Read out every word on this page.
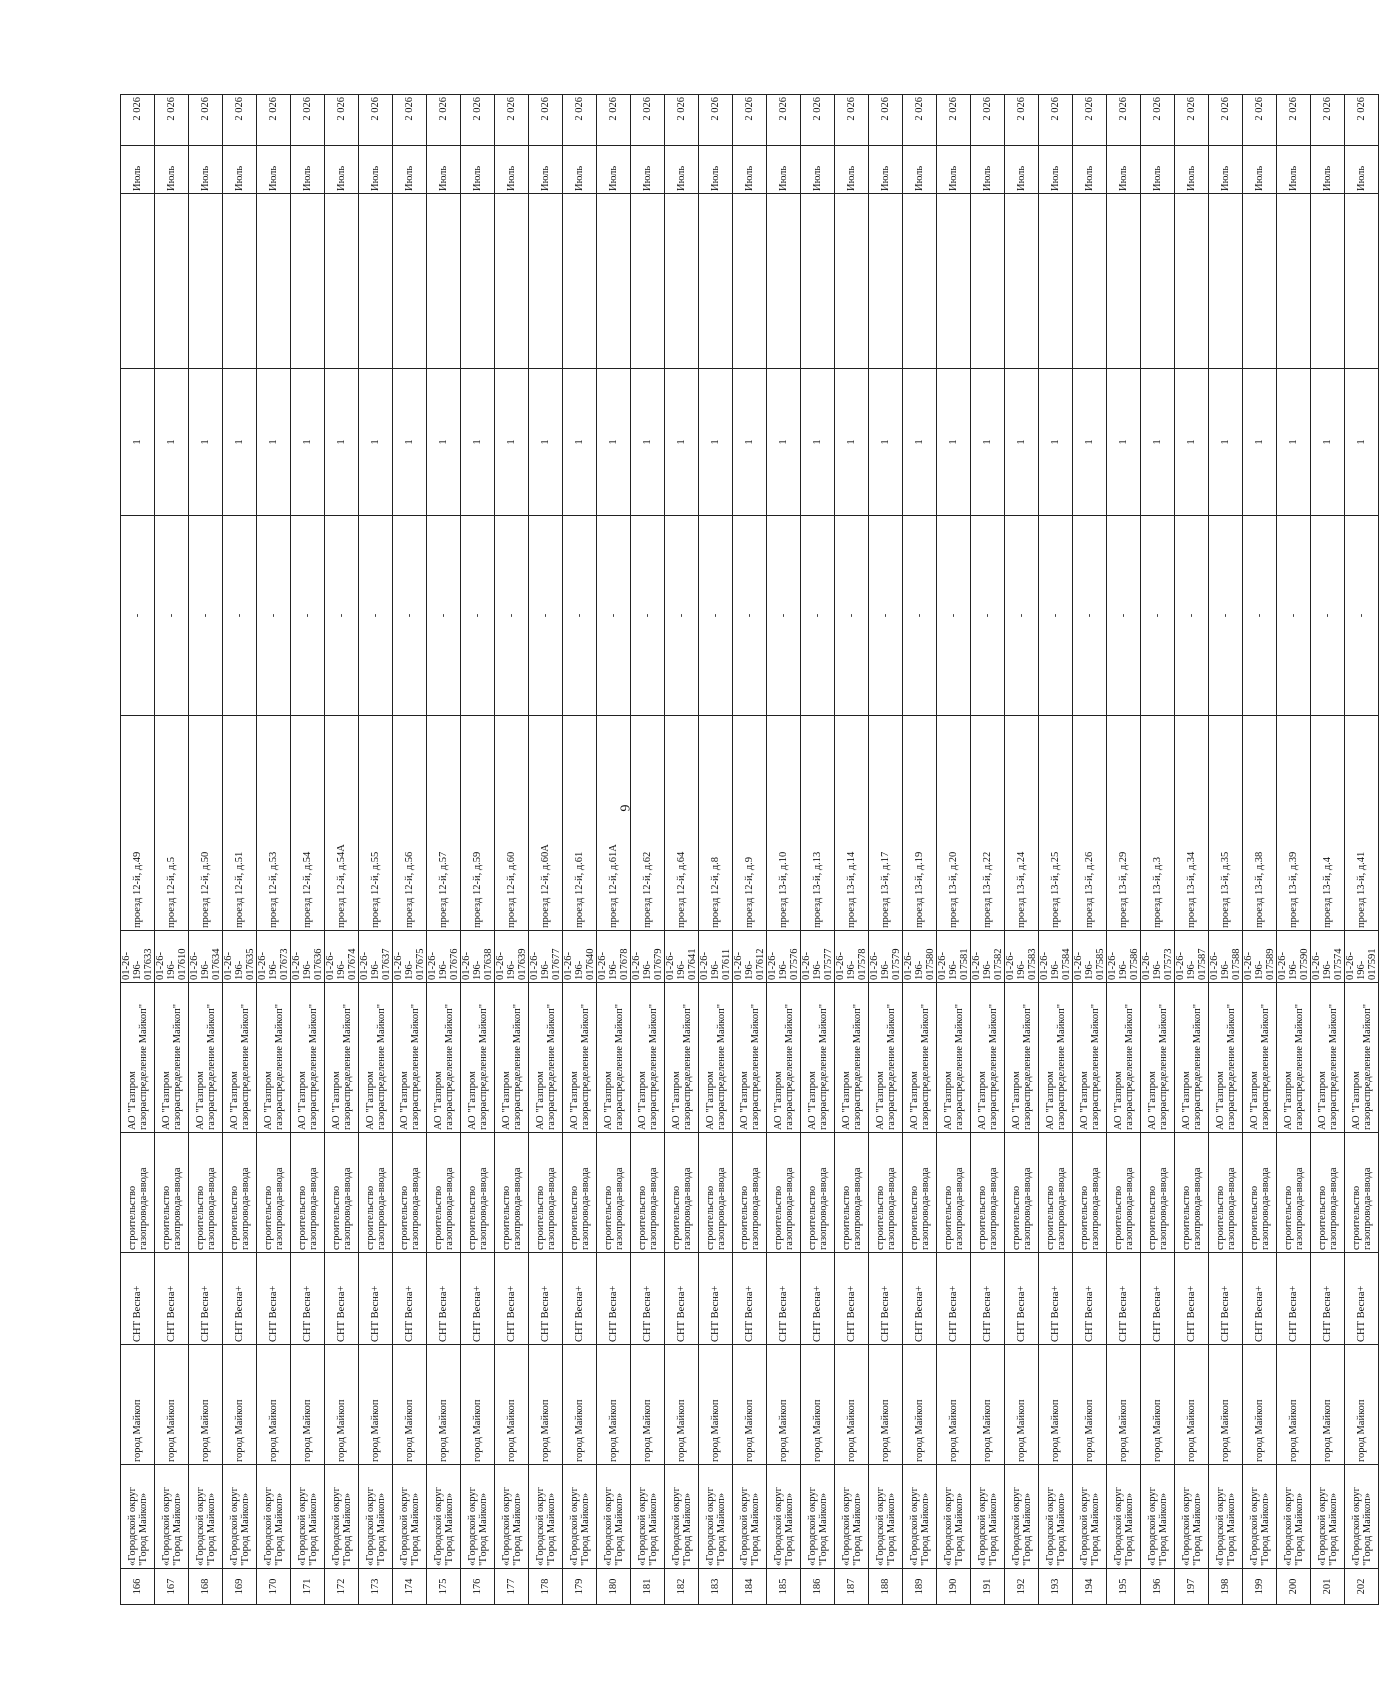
6
166	«Городской округ "Город Майкоп»	город Майкоп	СНТ Весна+	строительство газопровода-ввода	АО "Газпром газораспределение Майкоп"	01-26-196-017633	проезд 12-й, д.49	-	1		Июль	2 026
167	«Городской округ "Город Майкоп»	город Майкоп	СНТ Весна+	строительство газопровода-ввода	АО "Газпром газораспределение Майкоп"	01-26-196-017610	проезд 12-й, д.5	-	1		Июль	2 026
168	«Городской округ "Город Майкоп»	город Майкоп	СНТ Весна+	строительство газопровода-ввода	АО "Газпром газораспределение Майкоп"	01-26-196-017634	проезд 12-й, д.50	-	1		Июль	2 026
169	«Городской округ "Город Майкоп»	город Майкоп	СНТ Весна+	строительство газопровода-ввода	АО "Газпром газораспределение Майкоп"	01-26-196-017635	проезд 12-й, д.51	-	1		Июль	2 026
170	«Городской округ "Город Майкоп»	город Майкоп	СНТ Весна+	строительство газопровода-ввода	АО "Газпром газораспределение Майкоп"	01-26-196-017673	проезд 12-й, д.53	-	1		Июль	2 026
171	«Городской округ "Город Майкоп»	город Майкоп	СНТ Весна+	строительство газопровода-ввода	АО "Газпром газораспределение Майкоп"	01-26-196-017636	проезд 12-й, д.54	-	1		Июль	2 026
172	«Городской округ "Город Майкоп»	город Майкоп	СНТ Весна+	строительство газопровода-ввода	АО "Газпром газораспределение Майкоп"	01-26-196-017674	проезд 12-й, д.54А	-	1		Июль	2 026
173	«Городской округ "Город Майкоп»	город Майкоп	СНТ Весна+	строительство газопровода-ввода	АО "Газпром газораспределение Майкоп"	01-26-196-017637	проезд 12-й, д.55	-	1		Июль	2 026
174	«Городской округ "Город Майкоп»	город Майкоп	СНТ Весна+	строительство газопровода-ввода	АО "Газпром газораспределение Майкоп"	01-26-196-017675	проезд 12-й, д.56	-	1		Июль	2 026
175	«Городской округ "Город Майкоп»	город Майкоп	СНТ Весна+	строительство газопровода-ввода	АО "Газпром газораспределение Майкоп"	01-26-196-017676	проезд 12-й, д.57	-	1		Июль	2 026
176	«Городской округ "Город Майкоп»	город Майкоп	СНТ Весна+	строительство газопровода-ввода	АО "Газпром газораспределение Майкоп"	01-26-196-017638	проезд 12-й, д.59	-	1		Июль	2 026
177	«Городской округ "Город Майкоп»	город Майкоп	СНТ Весна+	строительство газопровода-ввода	АО "Газпром газораспределение Майкоп"	01-26-196-017639	проезд 12-й, д.60	-	1		Июль	2 026
178	«Городской округ "Город Майкоп»	город Майкоп	СНТ Весна+	строительство газопровода-ввода	АО "Газпром газораспределение Майкоп"	01-26-196-017677	проезд 12-й, д.60А	-	1		Июль	2 026
179	«Городской округ "Город Майкоп»	город Майкоп	СНТ Весна+	строительство газопровода-ввода	АО "Газпром газораспределение Майкоп"	01-26-196-017640	проезд 12-й, д.61	-	1		Июль	2 026
180	«Городской округ "Город Майкоп»	город Майкоп	СНТ Весна+	строительство газопровода-ввода	АО "Газпром газораспределение Майкоп"	01-26-196-017678	проезд 12-й, д.61А	-	1		Июль	2 026
181	«Городской округ "Город Майкоп»	город Майкоп	СНТ Весна+	строительство газопровода-ввода	АО "Газпром газораспределение Майкоп"	01-26-196-017679	проезд 12-й, д.62	-	1		Июль	2 026
182	«Городской округ "Город Майкоп»	город Майкоп	СНТ Весна+	строительство газопровода-ввода	АО "Газпром газораспределение Майкоп"	01-26-196-017641	проезд 12-й, д.64	-	1		Июль	2 026
183	«Городской округ "Город Майкоп»	город Майкоп	СНТ Весна+	строительство газопровода-ввода	АО "Газпром газораспределение Майкоп"	01-26-196-017611	проезд 12-й, д.8	-	1		Июль	2 026
184	«Городской округ "Город Майкоп»	город Майкоп	СНТ Весна+	строительство газопровода-ввода	АО "Газпром газораспределение Майкоп"	01-26-196-017612	проезд 12-й, д.9	-	1		Июль	2 026
185	«Городской округ "Город Майкоп»	город Майкоп	СНТ Весна+	строительство газопровода-ввода	АО "Газпром газораспределение Майкоп"	01-26-196-017576	проезд 13-й, д.10	-	1		Июль	2 026
186	«Городской округ "Город Майкоп»	город Майкоп	СНТ Весна+	строительство газопровода-ввода	АО "Газпром газораспределение Майкоп"	01-26-196-017577	проезд 13-й, д.13	-	1		Июль	2 026
187	«Городской округ "Город Майкоп»	город Майкоп	СНТ Весна+	строительство газопровода-ввода	АО "Газпром газораспределение Майкоп"	01-26-196-017578	проезд 13-й, д.14	-	1		Июль	2 026
188	«Городской округ "Город Майкоп»	город Майкоп	СНТ Весна+	строительство газопровода-ввода	АО "Газпром газораспределение Майкоп"	01-26-196-017579	проезд 13-й, д.17	-	1		Июль	2 026
189	«Городской округ "Город Майкоп»	город Майкоп	СНТ Весна+	строительство газопровода-ввода	АО "Газпром газораспределение Майкоп"	01-26-196-017580	проезд 13-й, д.19	-	1		Июль	2 026
190	«Городской округ "Город Майкоп»	город Майкоп	СНТ Весна+	строительство газопровода-ввода	АО "Газпром газораспределение Майкоп"	01-26-196-017581	проезд 13-й, д.20	-	1		Июль	2 026
191	«Городской округ "Город Майкоп»	город Майкоп	СНТ Весна+	строительство газопровода-ввода	АО "Газпром газораспределение Майкоп"	01-26-196-017582	проезд 13-й, д.22	-	1		Июль	2 026
192	«Городской округ "Город Майкоп»	город Майкоп	СНТ Весна+	строительство газопровода-ввода	АО "Газпром газораспределение Майкоп"	01-26-196-017583	проезд 13-й, д.24	-	1		Июль	2 026
193	«Городской округ "Город Майкоп»	город Майкоп	СНТ Весна+	строительство газопровода-ввода	АО "Газпром газораспределение Майкоп"	01-26-196-017584	проезд 13-й, д.25	-	1		Июль	2 026
194	«Городской округ "Город Майкоп»	город Майкоп	СНТ Весна+	строительство газопровода-ввода	АО "Газпром газораспределение Майкоп"	01-26-196-017585	проезд 13-й, д.26	-	1		Июль	2 026
195	«Городской округ "Город Майкоп»	город Майкоп	СНТ Весна+	строительство газопровода-ввода	АО "Газпром газораспределение Майкоп"	01-26-196-017586	проезд 13-й, д.29	-	1		Июль	2 026
196	«Городской округ "Город Майкоп»	город Майкоп	СНТ Весна+	строительство газопровода-ввода	АО "Газпром газораспределение Майкоп"	01-26-196-017573	проезд 13-й, д.3	-	1		Июль	2 026
197	«Городской округ "Город Майкоп»	город Майкоп	СНТ Весна+	строительство газопровода-ввода	АО "Газпром газораспределение Майкоп"	01-26-196-017587	проезд 13-й, д.34	-	1		Июль	2 026
198	«Городской округ "Город Майкоп»	город Майкоп	СНТ Весна+	строительство газопровода-ввода	АО "Газпром газораспределение Майкоп"	01-26-196-017588	проезд 13-й, д.35	-	1		Июль	2 026
199	«Городской округ "Город Майкоп»	город Майкоп	СНТ Весна+	строительство газопровода-ввода	АО "Газпром газораспределение Майкоп"	01-26-196-017589	проезд 13-й, д.38	-	1		Июль	2 026
200	«Городской округ "Город Майкоп»	город Майкоп	СНТ Весна+	строительство газопровода-ввода	АО "Газпром газораспределение Майкоп"	01-26-196-017590	проезд 13-й, д.39	-	1		Июль	2 026
201	«Городской округ "Город Майкоп»	город Майкоп	СНТ Весна+	строительство газопровода-ввода	АО "Газпром газораспределение Майкоп"	01-26-196-017574	проезд 13-й, д.4	-	1		Июль	2 026
202	«Городской округ "Город Майкоп»	город Майкоп	СНТ Весна+	строительство газопровода-ввода	АО "Газпром газораспределение Майкоп"	01-26-196-017591	проезд 13-й, д.41	-	1		Июль	2 026
